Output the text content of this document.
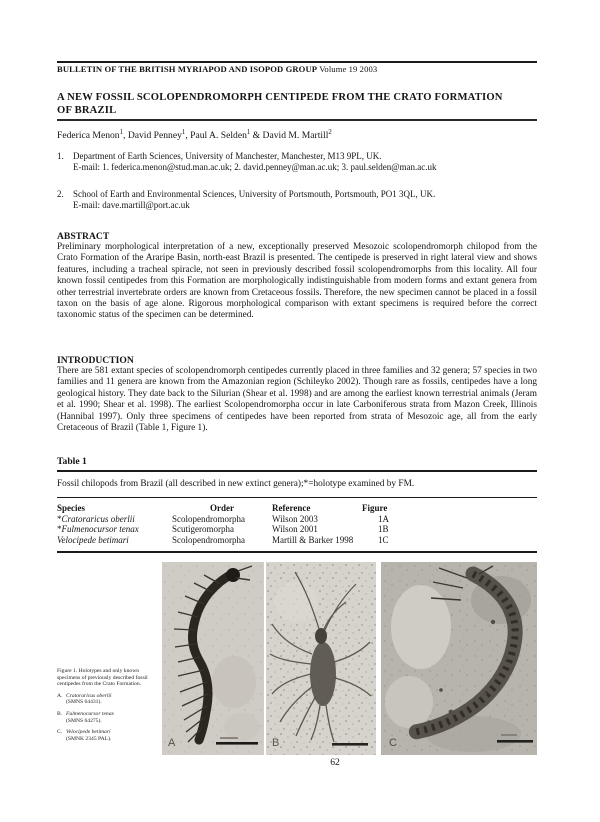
BULLETIN OF THE BRITISH MYRIAPOD AND ISOPOD GROUP Volume 19 2003
A NEW FOSSIL SCOLOPENDROMORPH CENTIPEDE FROM THE CRATO FORMATION
OF BRAZIL
Federica Menon$^1$, David Penney$^1$, Paul A. Selden$^1$ & David M. Martill$^2$
1. Department of Earth Sciences, University of Manchester, Manchester, M13 9PL, UK.
E-mail: 1. federica.menon@stud.man.ac.uk; 2. david.penney@man.ac.uk; 3. paul.selden@man.ac.uk
2. School of Earth and Environmental Sciences, University of Portsmouth, Portsmouth, PO1 3QL, UK.
E-mail: dave.martill@port.ac.uk
ABSTRACT
Preliminary morphological interpretation of a new, exceptionally preserved Mesozoic scolopendromorph chilopod from the Crato Formation of the Araripe Basin, north-east Brazil is presented. The centipede is preserved in right lateral view and shows features, including a tracheal spiracle, not seen in previously described fossil scolopendromorphs from this locality. All four known fossil centipedes from this Formation are morphologically indistinguishable from modern forms and extant genera from other terrestrial invertebrate orders are known from Cretaceous fossils. Therefore, the new specimen cannot be placed in a fossil taxon on the basis of age alone. Rigorous morphological comparison with extant specimens is required before the correct taxonomic status of the specimen can be determined.
INTRODUCTION
There are 581 extant species of scolopendromorph centipedes currently placed in three families and 32 genera; 57 species in two families and 11 genera are known from the Amazonian region (Schileyko 2002). Though rare as fossils, centipedes have a long geological history. They date back to the Silurian (Shear et al. 1998) and are among the earliest known terrestrial animals (Jeram et al. 1990; Shear et al. 1998). The earliest Scolopendromorpha occur in late Carboniferous strata from Mazon Creek, Illinois (Hannibal 1997). Only three specimens of centipedes have been reported from strata of Mesozoic age, all from the early Cretaceous of Brazil (Table 1, Figure 1).
Table 1
Fossil chilopods from Brazil (all described in new extinct genera);*=holotype examined by FM.
Species	Order	Reference	Figure
*Cratoraricus oberlii	Scolopendromorpha	Wilson 2003	1A
*Fulmenocursor tenax	Scutigeromorpha	Wilson 2001	1B
Velocipede betimari	Scolopendromorpha	Martill & Barker 1998	1C
A	B	C
Figure 1. Holotypes and only known specimens of previously described fossil centipedes from the Crato Formation.
A. Cratoraricus oberlii
(SMNS 64431).
B. Fulmenocursor tenax
(SMNS 64275).
C. Velocipede betimari
(SMNK 2345 PAL).
62
